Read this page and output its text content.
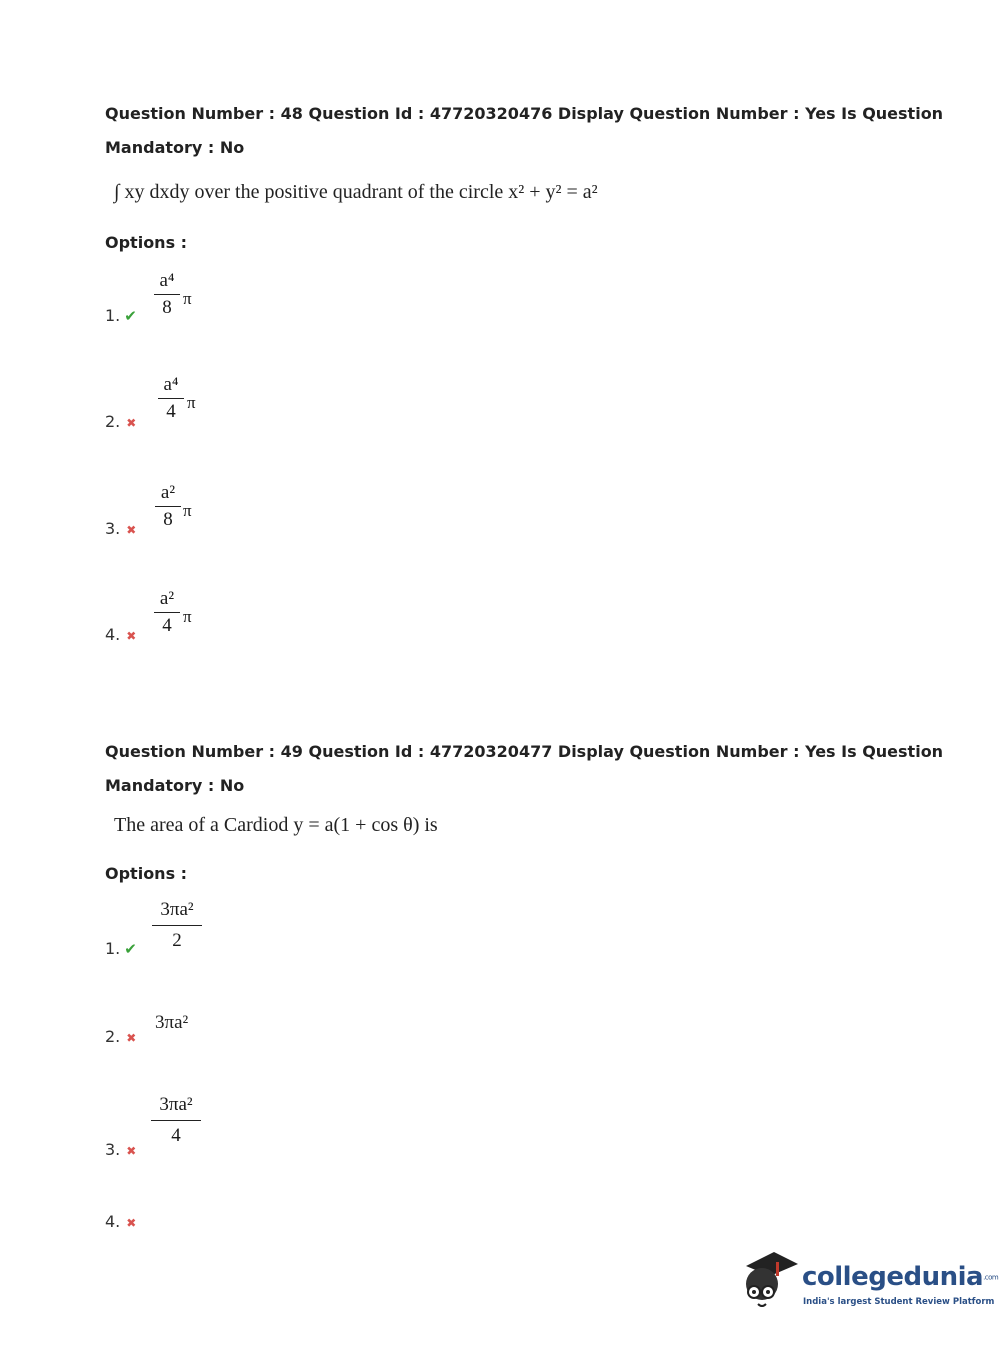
Question Number : 48 Question Id : 47720320476 Display Question Number : Yes Is Question
Mandatory : No
∫ xy dxdy over the positive quadrant of the circle x² + y² = a²
Options :
1. ✔
a⁴
8 π
2. ✖
a⁴
4 π
3. ✖
a²
8 π
4. ✖
a²
4 π
Question Number : 49 Question Id : 47720320477 Display Question Number : Yes Is Question
Mandatory : No
The area of a Cardiod y = a(1 + cos θ) is
Options :
1. ✔
3πa²
2
2. ✖
3πa²
3. ✖
3πa²
4
4. ✖
collegedunia.com
India's largest Student Review Platform
